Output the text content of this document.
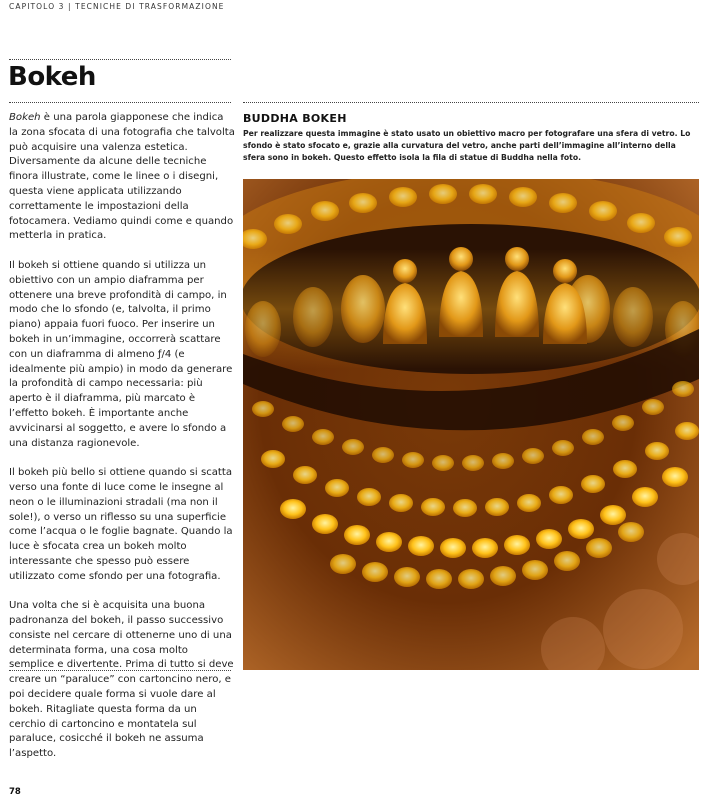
CAPITOLO 3 | TECNICHE DI TRASFORMAZIONE
Bokeh

Bokeh è una parola giapponese che indica la zona sfocata di una fotografia che talvolta può acquisire una valenza estetica. Diversamente da alcune delle tecniche finora illustrate, come le linee o i disegni, questa viene applicata utilizzando correttamente le impostazioni della fotocamera. Vediamo quindi come e quando metterla in pratica.

Il bokeh si ottiene quando si utilizza un obiettivo con un ampio diaframma per ottenere una breve profondità di campo, in modo che lo sfondo (e, talvolta, il primo piano) appaia fuori fuoco. Per inserire un bokeh in un’immagine, occorrerà scattare con un diaframma di almeno ƒ/4 (e idealmente più ampio) in modo da generare la profondità di campo necessaria: più aperto è il diaframma, più marcato è l’effetto bokeh. È importante anche avvicinarsi al soggetto, e avere lo sfondo a una distanza ragionevole.

Il bokeh più bello si ottiene quando si scatta verso una fonte di luce come le insegne al neon o le illuminazioni stradali (ma non il sole!), o verso un riflesso su una superficie come l’acqua o le foglie bagnate. Quando la luce è sfocata crea un bokeh molto interessante che spesso può essere utilizzato come sfondo per una fotografia.

Una volta che si è acquisita una buona padronanza del bokeh, il passo successivo consiste nel cercare di ottenerne uno di una determinata forma, una cosa molto semplice e divertente. Prima di tutto si deve creare un “paraluce” con cartoncino nero, e poi decidere quale forma si vuole dare al bokeh. Ritagliate questa forma da un cerchio di cartoncino e montatela sul paraluce, cosicché il bokeh ne assuma l’aspetto.

BUDDHA BOKEH
Per realizzare questa immagine è stato usato un obiettivo macro per fotografare una sfera di vetro. Lo sfondo è stato sfocato e, grazie alla curvatura del vetro, anche parti dell’immagine all’interno della sfera sono in bokeh. Questo effetto isola la fila di statue di Buddha nella foto.
78
